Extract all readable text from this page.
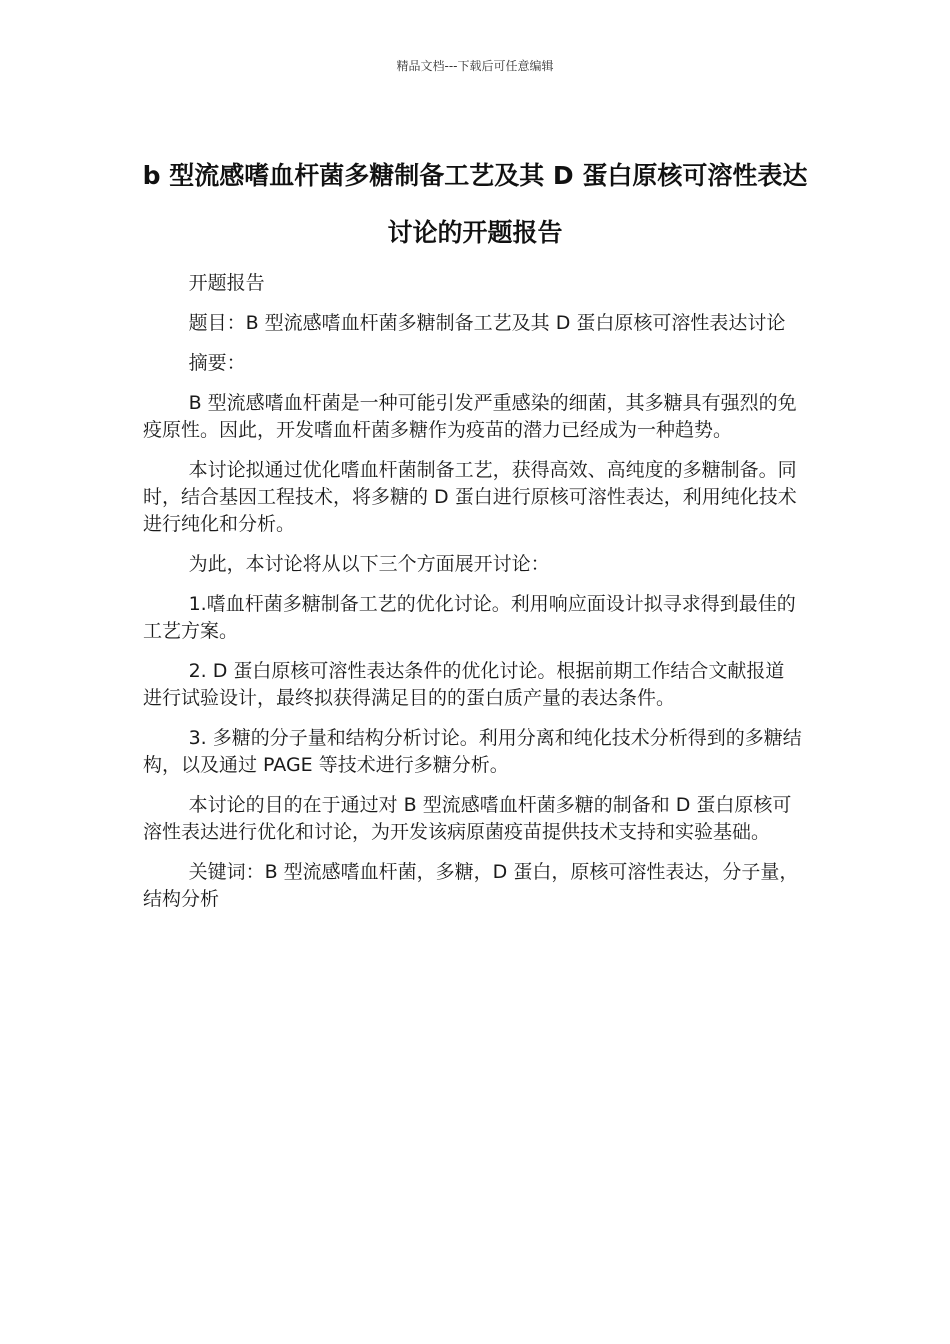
精品文档---下载后可任意编辑
b 型流感嗜血杆菌多糖制备工艺及其 D 蛋白原核可溶性表达讨论的开题报告

开题报告

题目：B 型流感嗜血杆菌多糖制备工艺及其 D 蛋白原核可溶性表达讨论

摘要：

B 型流感嗜血杆菌是一种可能引发严重感染的细菌，其多糖具有强烈的免疫原性。因此，开发嗜血杆菌多糖作为疫苗的潜力已经成为一种趋势。

本讨论拟通过优化嗜血杆菌制备工艺，获得高效、高纯度的多糖制备。同时，结合基因工程技术，将多糖的 D 蛋白进行原核可溶性表达，利用纯化技术进行纯化和分析。

为此，本讨论将从以下三个方面展开讨论：

1.嗜血杆菌多糖制备工艺的优化讨论。利用响应面设计拟寻求得到最佳的工艺方案。

2. D 蛋白原核可溶性表达条件的优化讨论。根据前期工作结合文献报道进行试验设计，最终拟获得满足目的的蛋白质产量的表达条件。

3. 多糖的分子量和结构分析讨论。利用分离和纯化技术分析得到的多糖结构，以及通过 PAGE 等技术进行多糖分析。

本讨论的目的在于通过对 B 型流感嗜血杆菌多糖的制备和 D 蛋白原核可溶性表达进行优化和讨论，为开发该病原菌疫苗提供技术支持和实验基础。

关键词：B 型流感嗜血杆菌，多糖，D 蛋白，原核可溶性表达，分子量，结构分析
